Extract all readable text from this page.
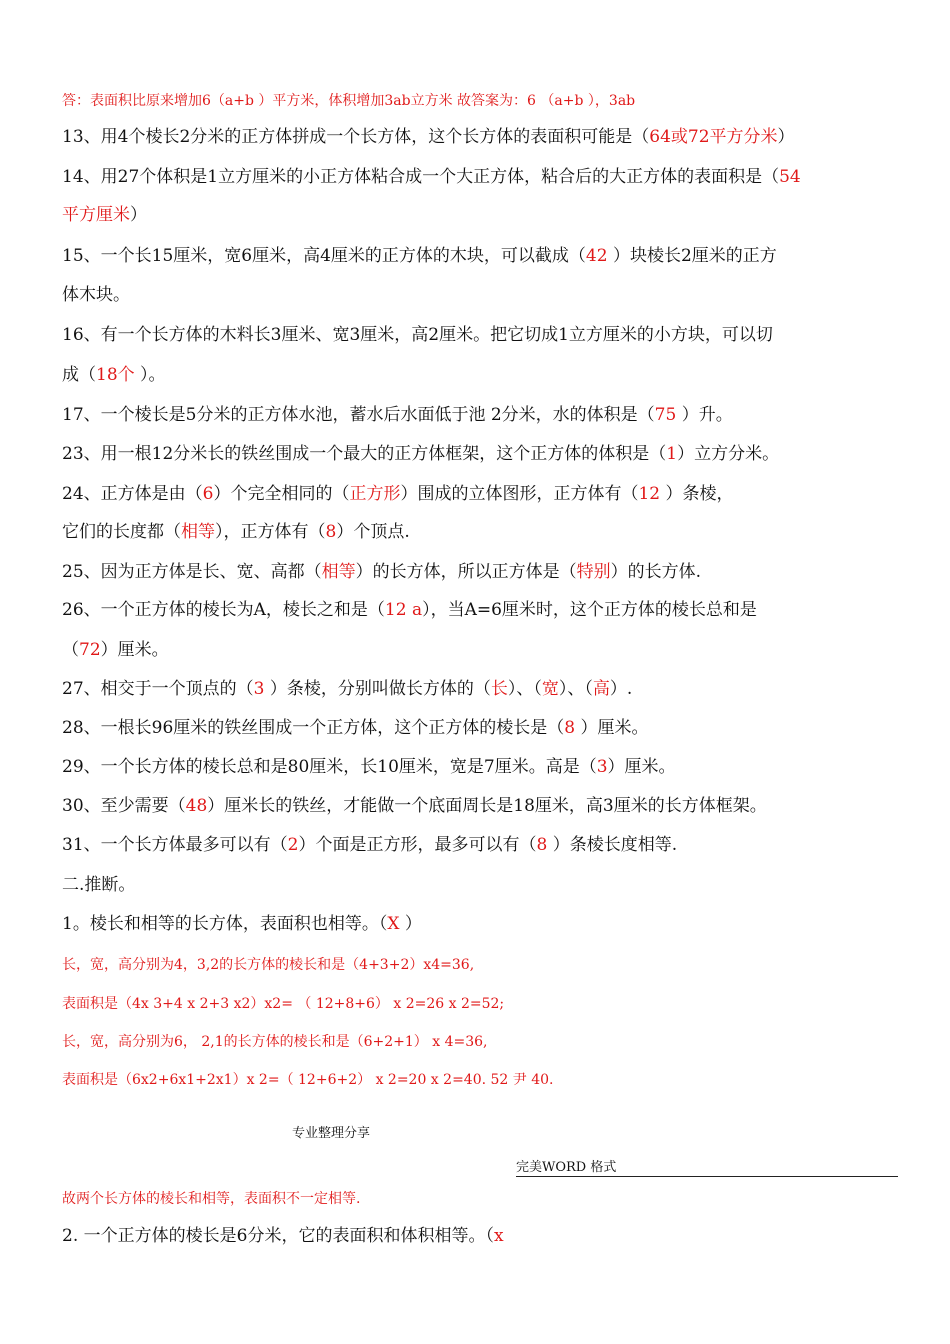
答：表面积比原来增加6（a+b ）平方米，体积增加3ab立方米 故答案为：6 （a+b ），3ab
13、用4个棱长2分米的正方体拼成一个长方体，这个长方体的表面积可能是（64或72平方分米）
14、用27个体积是1立方厘米的小正方体粘合成一个大正方体，粘合后的大正方体的表面积是（54
平方厘米）
15、一个长15厘米，宽6厘米，高4厘米的正方体的木块，可以截成（42 ）块棱长2厘米的正方
体木块。
16、有一个长方体的木料长3厘米、宽3厘米，高2厘米。把它切成1立方厘米的小方块，可以切
成（18个 ）。
17、一个棱长是5分米的正方体水池，蓄水后水面低于池 2分米，水的体积是（75 ）升。
23、用一根12分米长的铁丝围成一个最大的正方体框架，这个正方体的体积是（1）立方分米。
24、正方体是由（6）个完全相同的（正方形）围成的立体图形，正方体有（12 ）条棱，
它们的长度都（相等），正方体有（8）个顶点.
25、因为正方体是长、宽、高都（相等）的长方体，所以正方体是（特别）的长方体.
26、一个正方体的棱长为A，棱长之和是（12 a），当A=6厘米时，这个正方体的棱长总和是
（72）厘米。
27、相交于一个顶点的（3 ）条棱，分别叫做长方体的（长）、（宽）、（高）.
28、一根长96厘米的铁丝围成一个正方体，这个正方体的棱长是（8 ）厘米。
29、一个长方体的棱长总和是80厘米，长10厘米，宽是7厘米。高是（3）厘米。
30、至少需要（48）厘米长的铁丝，才能做一个底面周长是18厘米，高3厘米的长方体框架。
31、一个长方体最多可以有（2）个面是正方形，最多可以有（8 ）条棱长度相等.
二.推断。
1。棱长和相等的长方体，表面积也相等。（X ）
长，宽，高分别为4，3,2的长方体的棱长和是（4+3+2）x4=36,
表面积是（4x 3+4 x 2+3 x2）x2= （ 12+8+6） x 2=26 x 2=52;
长，宽，高分别为6， 2,1的长方体的棱长和是（6+2+1） x 4=36,
表面积是（6x2+6x1+2x1）x 2=（ 12+6+2） x 2=20 x 2=40. 52 尹 40.
故两个长方体的棱长和相等，表面积不一定相等.
2. 一个正方体的棱长是6分米，它的表面积和体积相等。（x
专业整理分享
完美WORD 格式
